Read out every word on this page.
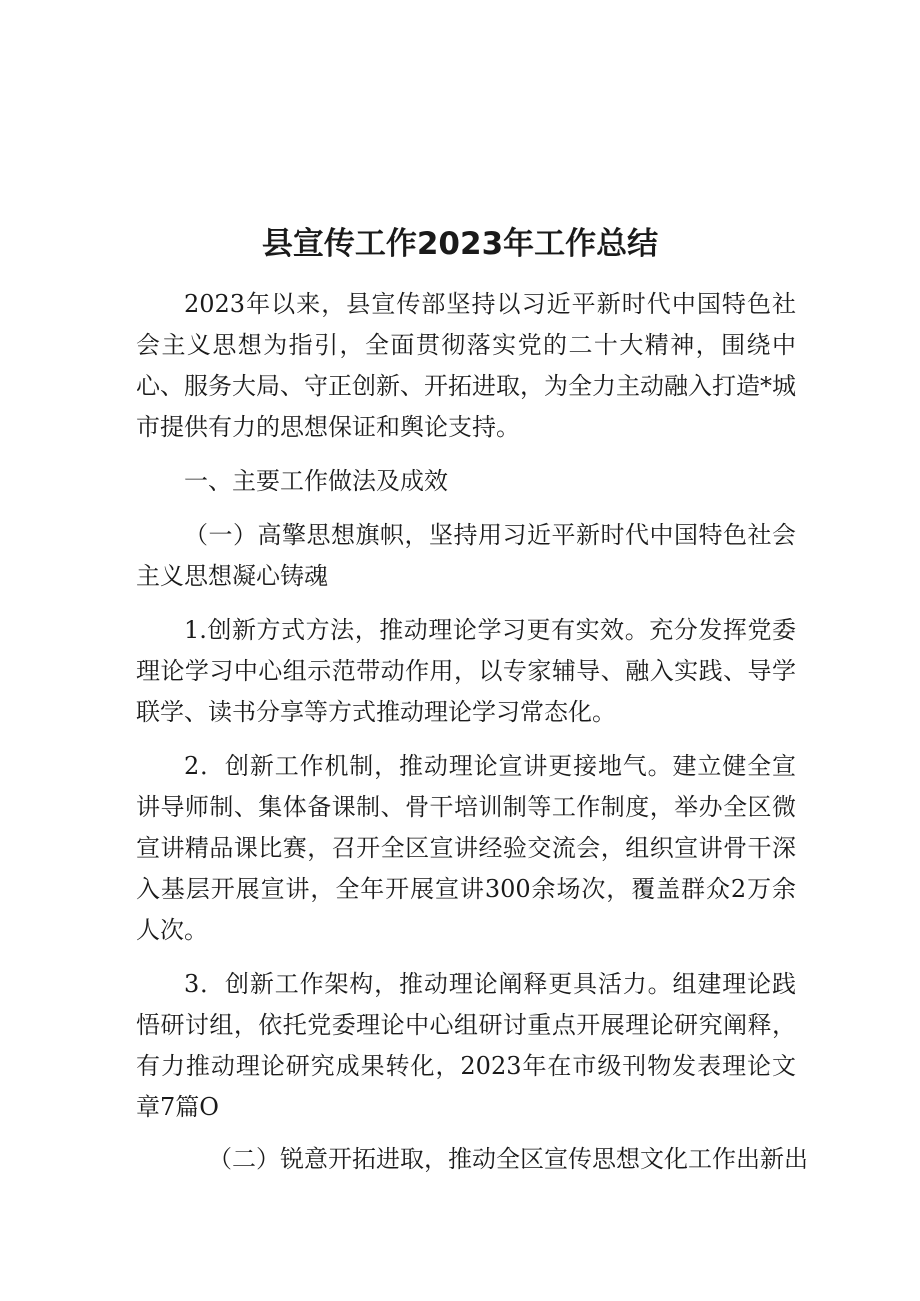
县宣传工作2023年工作总结

2023年以来，县宣传部坚持以习近平新时代中国特色社会主义思想为指引，全面贯彻落实党的二十大精神，围绕中心、服务大局、守正创新、开拓进取，为全力主动融入打造*城市提供有力的思想保证和舆论支持。

一、主要工作做法及成效

（一）高擎思想旗帜，坚持用习近平新时代中国特色社会主义思想凝心铸魂

1.创新方式方法，推动理论学习更有实效。充分发挥党委理论学习中心组示范带动作用，以专家辅导、融入实践、导学联学、读书分享等方式推动理论学习常态化。

2．创新工作机制，推动理论宣讲更接地气。建立健全宣讲导师制、集体备课制、骨干培训制等工作制度，举办全区微宣讲精品课比赛，召开全区宣讲经验交流会，组织宣讲骨干深入基层开展宣讲，全年开展宣讲300余场次，覆盖群众2万余人次。

3．创新工作架构，推动理论阐释更具活力。组建理论践悟研讨组，依托党委理论中心组研讨重点开展理论研究阐释，有力推动理论研究成果转化，2023年在市级刊物发表理论文章7篇O

（二）锐意开拓进取，推动全区宣传思想文化工作出新出
